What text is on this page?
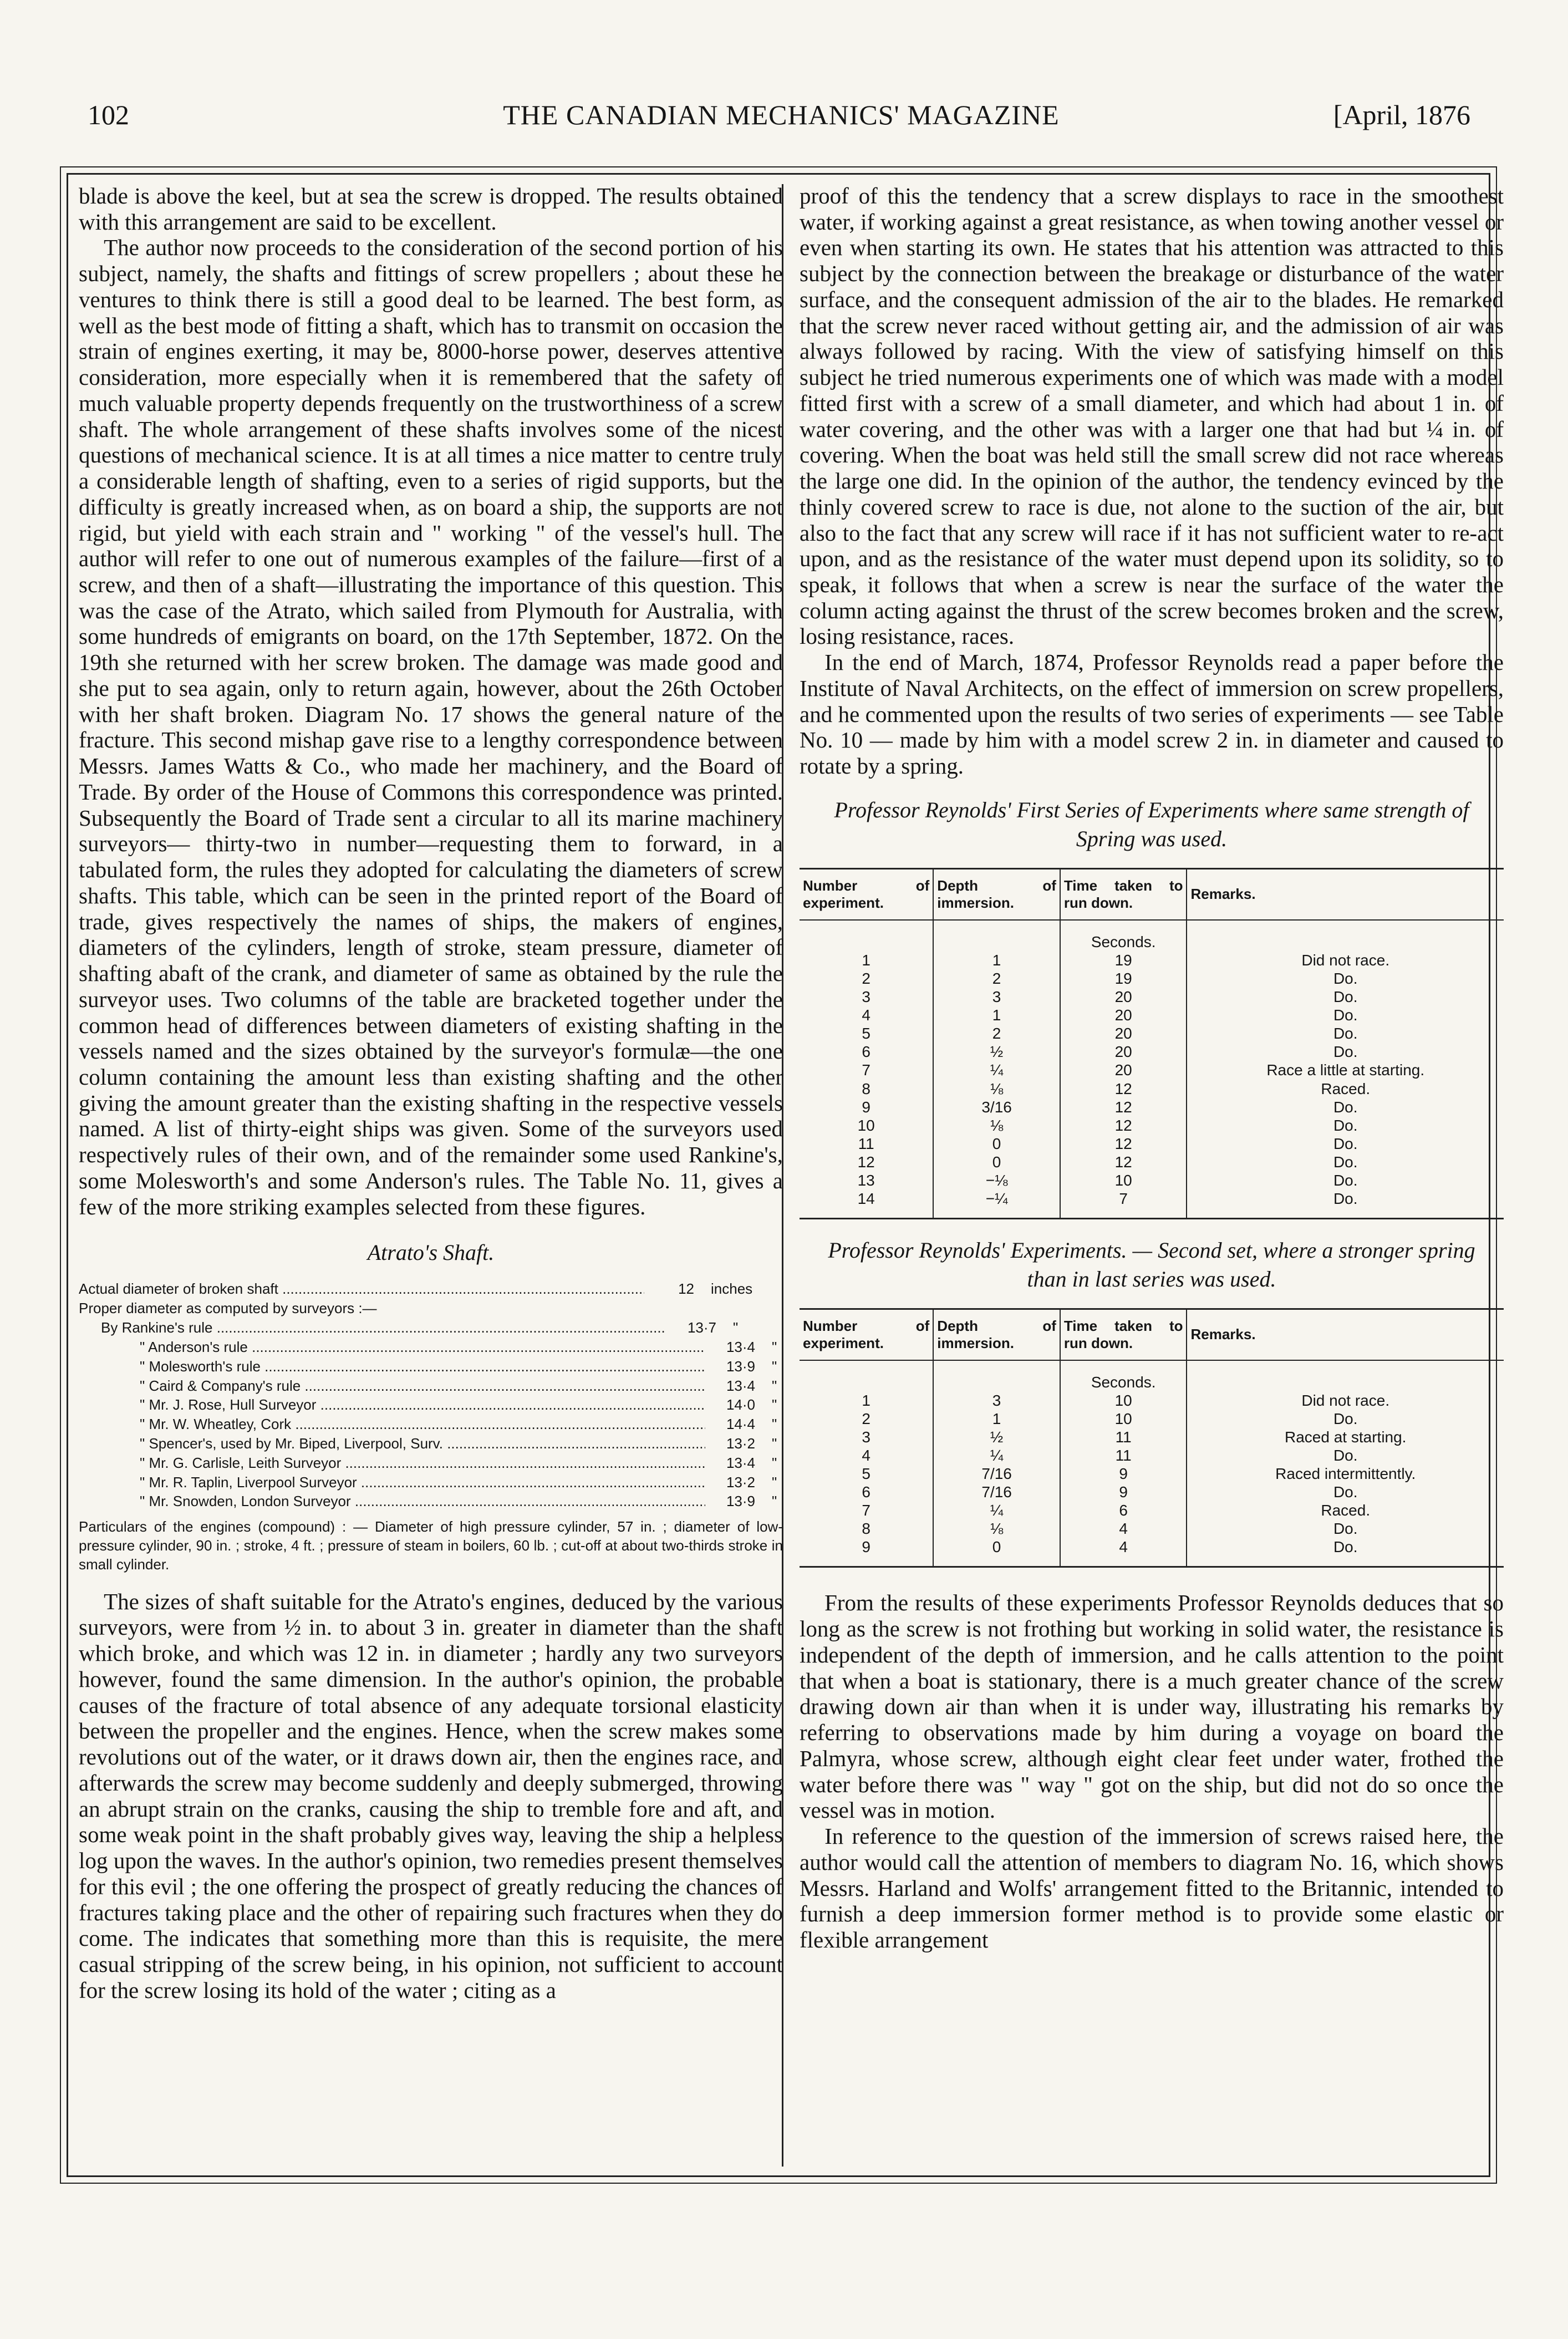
102	THE CANADIAN MECHANICS' MAGAZINE	[April, 1876

blade is above the keel, but at sea the screw is dropped. The results obtained with this arrangement are said to be excellent.

The author now proceeds to the consideration of the second portion of his subject, namely, the shafts and fittings of screw propellers ; about these he ventures to think there is still a good deal to be learned. The best form, as well as the best mode of fitting a shaft, which has to transmit on occasion the strain of engines exerting, it may be, 8000-horse power, deserves attentive consideration, more especially when it is remembered that the safety of much valuable property depends frequently on the trustworthiness of a screw shaft. The whole arrangement of these shafts involves some of the nicest questions of mechanical science. It is at all times a nice matter to centre truly a considerable length of shafting, even to a series of rigid supports, but the difficulty is greatly increased when, as on board a ship, the supports are not rigid, but yield with each strain and " working " of the vessel's hull. The author will refer to one out of numerous examples of the failure—first of a screw, and then of a shaft—illustrating the importance of this question. This was the case of the Atrato, which sailed from Plymouth for Australia, with some hundreds of emigrants on board, on the 17th September, 1872. On the 19th she returned with her screw broken. The damage was made good and she put to sea again, only to return again, however, about the 26th October with her shaft broken. Diagram No. 17 shows the general nature of the fracture. This second mishap gave rise to a lengthy correspondence between Messrs. James Watts & Co., who made her machinery, and the Board of Trade. By order of the House of Commons this correspondence was printed. Subsequently the Board of Trade sent a circular to all its marine machinery surveyors— thirty-two in number—requesting them to forward, in a tabulated form, the rules they adopted for calculating the diameters of screw shafts. This table, which can be seen in the printed report of the Board of trade, gives respectively the names of ships, the makers of engines, diameters of the cylinders, length of stroke, steam pressure, diameter of shafting abaft of the crank, and diameter of same as obtained by the rule the surveyor uses. Two columns of the table are bracketed together under the common head of differences between diameters of existing shafting in the vessels named and the sizes obtained by the surveyor's formulæ—the one column containing the amount less than existing shafting and the other giving the amount greater than the existing shafting in the respective vessels named. A list of thirty-eight ships was given. Some of the surveyors used respectively rules of their own, and of the remainder some used Rankine's, some Molesworth's and some Anderson's rules. The Table No. 11, gives a few of the more striking examples selected from these figures.

Atrato's Shaft.
Actual diameter of broken shaft .....	12	inches
Proper diameter as computed by surveyors :—
By Rankine's rule .....	13·7	"
" Anderson's rule .....	13·4	"
" Molesworth's rule .....	13·9	"
" Caird & Company's rule .....	13·4	"
" Mr. J. Rose, Hull Surveyor .....	14·0	"
" Mr. W. Wheatley, Cork .....	14·4	"
" Spencer's, used by Mr. Biped, Liverpool, Surv. .....	13·2	"
" Mr. G. Carlisle, Leith Surveyor .....	13·4	"
" Mr. R. Taplin, Liverpool Surveyor .....	13·2	"
" Mr. Snowden, London Surveyor .....	13·9	"
Particulars of the engines (compound) : — Diameter of high pressure cylinder, 57 in. ; diameter of low-pressure cylinder, 90 in. ; stroke, 4 ft. ; pressure of steam in boilers, 60 lb. ; cut-off at about two-thirds stroke in small cylinder.

The sizes of shaft suitable for the Atrato's engines, deduced by the various surveyors, were from ½ in. to about 3 in. greater in diameter than the shaft which broke, and which was 12 in. in diameter ; hardly any two surveyors however, found the same dimension. In the author's opinion, the probable causes of the fracture of total absence of any adequate torsional elasticity between the propeller and the engines. Hence, when the screw makes some revolutions out of the water, or it draws down air, then the engines race, and afterwards the screw may become suddenly and deeply submerged, throwing an abrupt strain on the cranks, causing the ship to tremble fore and aft, and some weak point in the shaft probably gives way, leaving the ship a helpless log upon the waves. In the author's opinion, two remedies present themselves for this evil ; the one offering the prospect of greatly reducing the chances of fractures taking place and the other of repairing such fractures when they do come. The indicates that something more than this is requisite, the mere casual stripping of the screw being, in his opinion, not sufficient to account for the screw losing its hold of the water ; citing as a

proof of this the tendency that a screw displays to race in the smoothest water, if working against a great resistance, as when towing another vessel or even when starting its own. He states that his attention was attracted to this subject by the connection between the breakage or disturbance of the water surface, and the consequent admission of the air to the blades. He remarked that the screw never raced without getting air, and the admission of air was always followed by racing. With the view of satisfying himself on this subject he tried numerous experiments one of which was made with a model fitted first with a screw of a small diameter, and which had about 1 in. of water covering, and the other was with a larger one that had but ¼ in. of covering. When the boat was held still the small screw did not race whereas the large one did. In the opinion of the author, the tendency evinced by the thinly covered screw to race is due, not alone to the suction of the air, but also to the fact that any screw will race if it has not sufficient water to re-act upon, and as the resistance of the water must depend upon its solidity, so to speak, it follows that when a screw is near the surface of the water the column acting against the thrust of the screw becomes broken and the screw, losing resistance, races.

In the end of March, 1874, Professor Reynolds read a paper before the Institute of Naval Architects, on the effect of immersion on screw propellers, and he commented upon the results of two series of experiments — see Table No. 10 — made by him with a model screw 2 in. in diameter and caused to rotate by a spring.

Professor Reynolds' First Series of Experiments where same strength of Spring was used.
Number of experiment.	Depth of immersion.	Time taken to run down.	Remarks.
		Seconds.	
1	1	19	Did not race.
2	2	19	Do.
3	3	20	Do.
4	1	20	Do.
5	2	20	Do.
6	½	20	Do.
7	¼	20	Race a little at starting.
8	⅛	12	Raced.
9	3/16	12	Do.
10	⅛	12	Do.
11	0	12	Do.
12	0	12	Do.
13	−⅛	10	Do.
14	−¼	7	Do.
Professor Reynolds' Experiments. — Second set, where a stronger spring than in last series was used.
Number of experiment.	Depth of immersion.	Time taken to run down.	Remarks.
		Seconds.	
1	3	10	Did not race.
2	1	10	Do.
3	½	11	Raced at starting.
4	¼	11	Do.
5	7/16	9	Raced intermittently.
6	7/16	9	Do.
7	¼	6	Raced.
8	⅛	4	Do.
9	0	4	Do.

From the results of these experiments Professor Reynolds deduces that so long as the screw is not frothing but working in solid water, the resistance is independent of the depth of immersion, and he calls attention to the point that when a boat is stationary, there is a much greater chance of the screw drawing down air than when it is under way, illustrating his remarks by referring to observations made by him during a voyage on board the Palmyra, whose screw, although eight clear feet under water, frothed the water before there was " way " got on the ship, but did not do so once the vessel was in motion.

In reference to the question of the immersion of screws raised here, the author would call the attention of members to diagram No. 16, which shows Messrs. Harland and Wolfs' arrangement fitted to the Britannic, intended to furnish a deep immersion former method is to provide some elastic or flexible arrangement
